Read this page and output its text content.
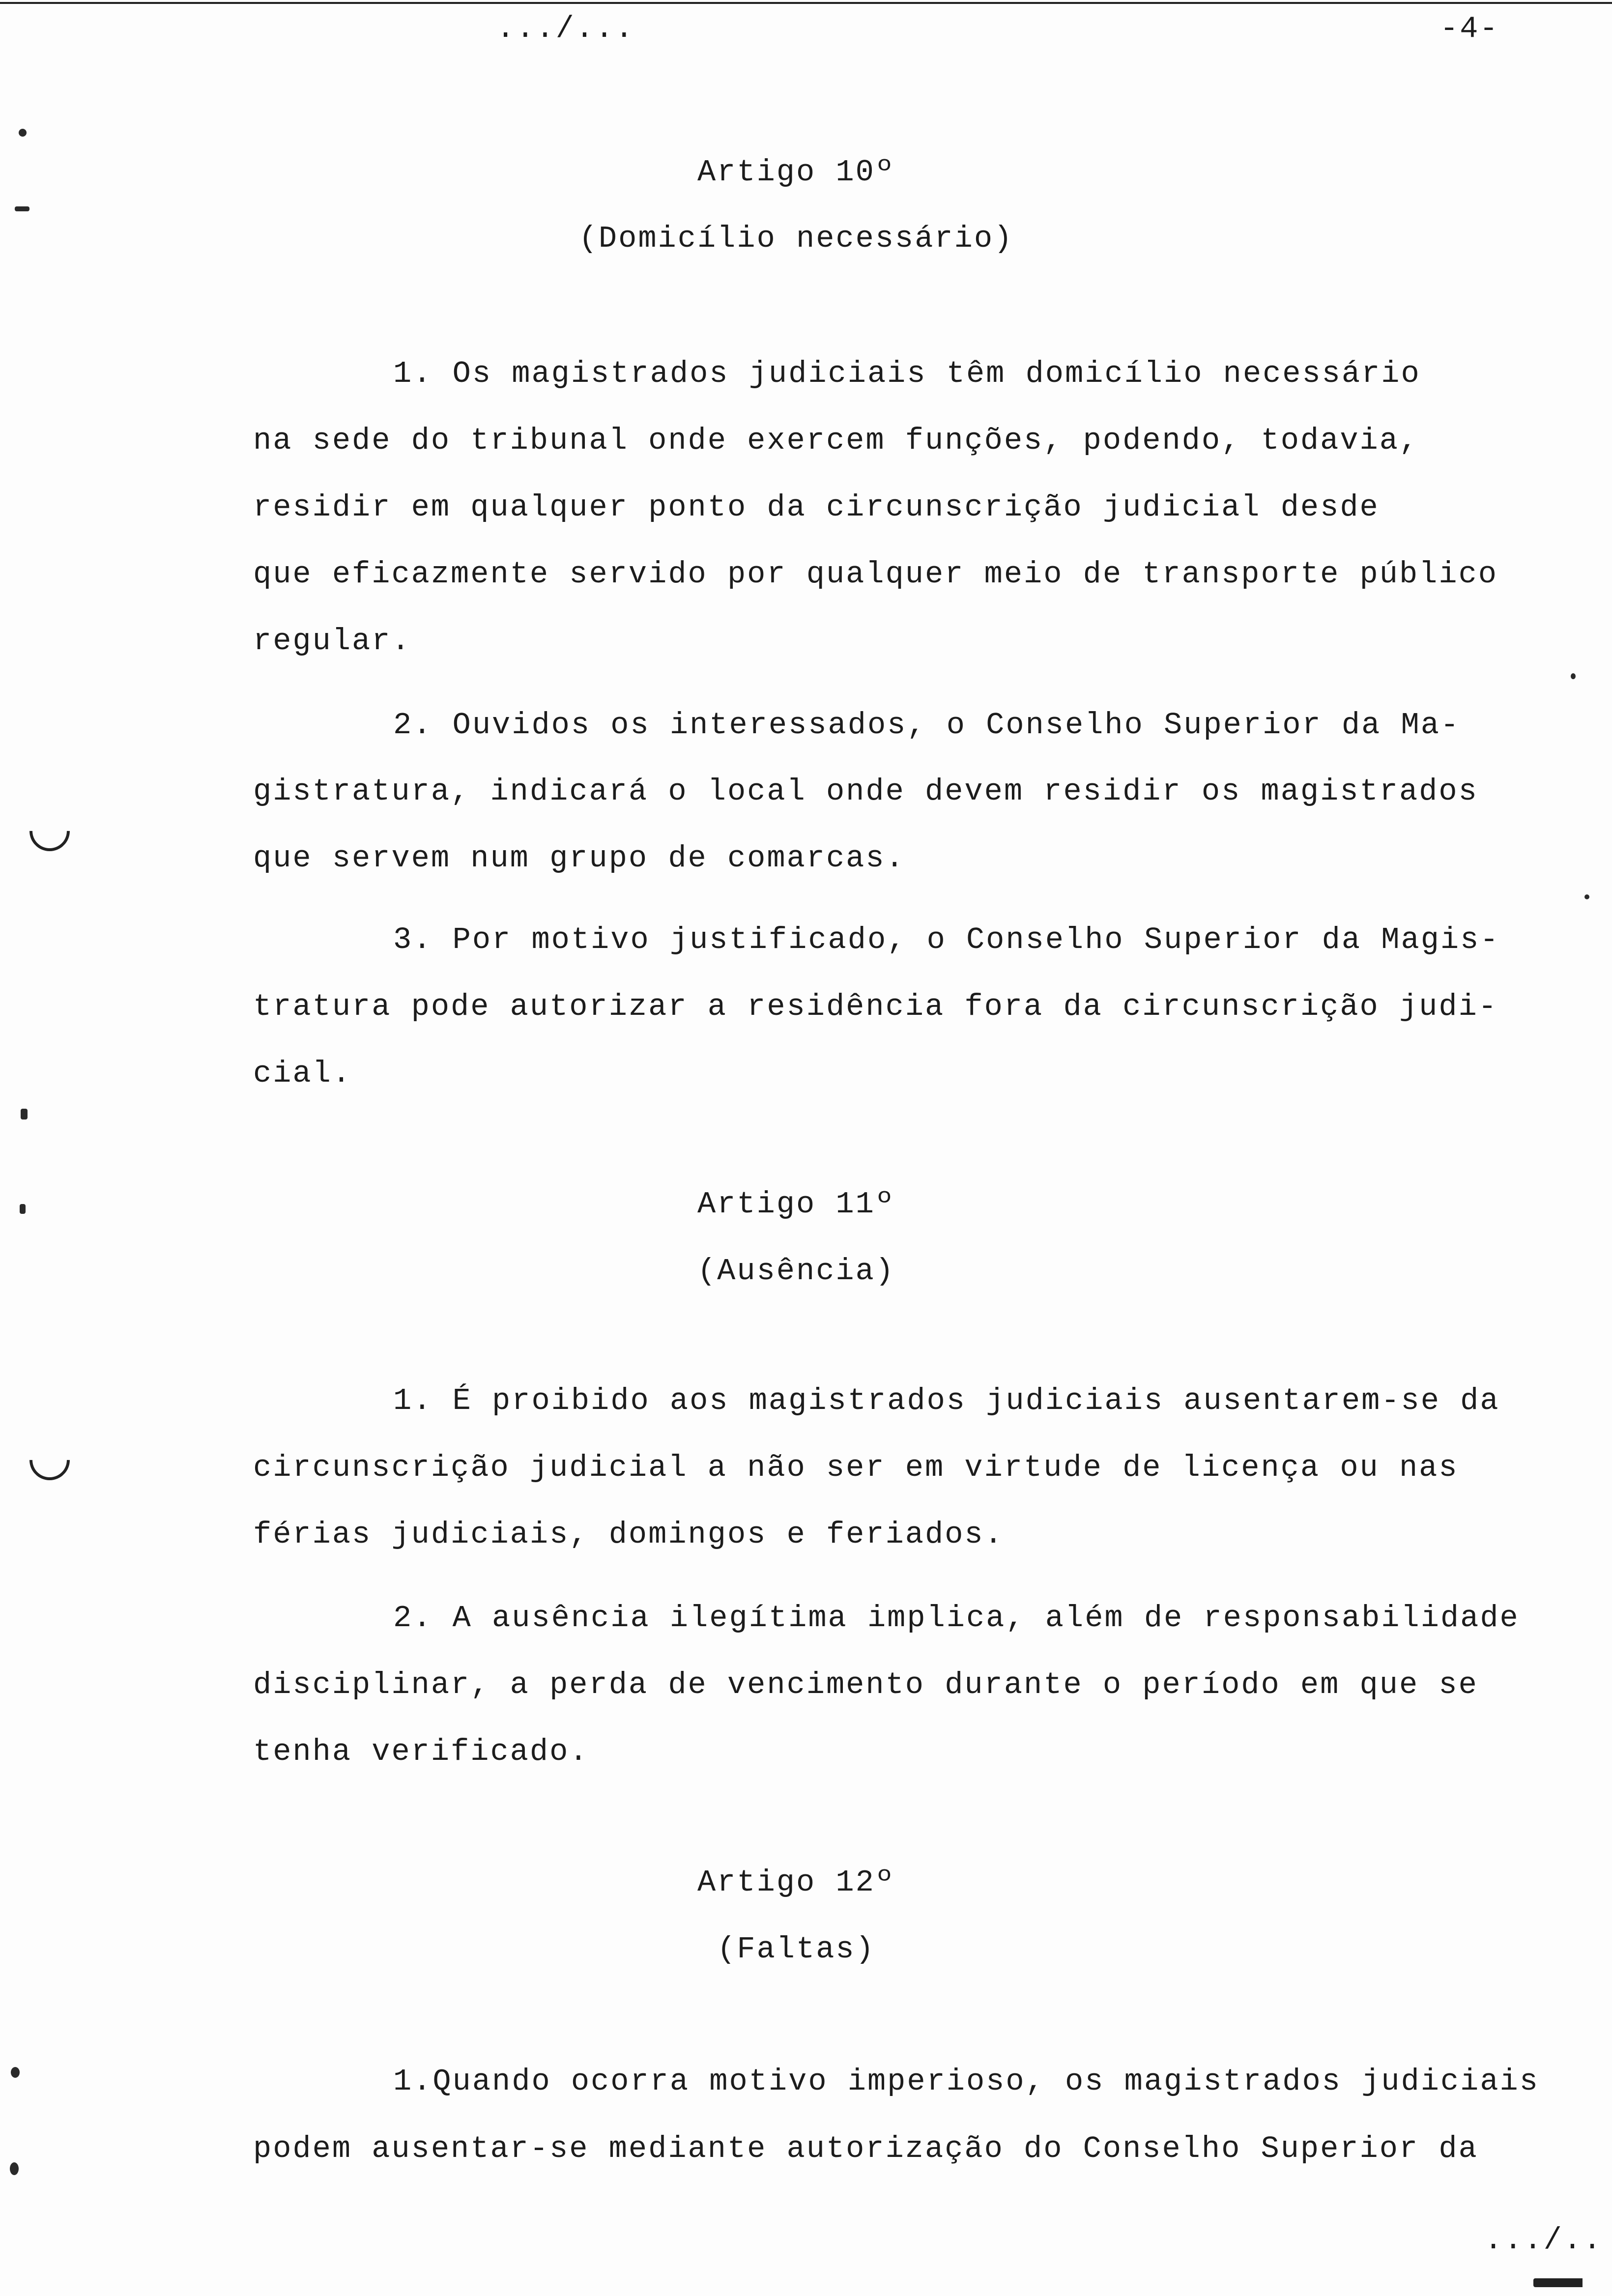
.../...	-4-
Artigo 10º
(Domicílio necessário)
1. Os magistrados judiciais têm domicílio necessário
na sede do tribunal onde exercem funções, podendo, todavia,
residir em qualquer ponto da circunscrição judicial desde
que eficazmente servido por qualquer meio de transporte público
regular.
2. Ouvidos os interessados, o Conselho Superior da Ma-
gistratura, indicará o local onde devem residir os magistrados
que servem num grupo de comarcas.
3. Por motivo justificado, o Conselho Superior da Magis-
tratura pode autorizar a residência fora da circunscrição judi-
cial.
Artigo 11º
(Ausência)
1. É proibido aos magistrados judiciais ausentarem-se da
circunscrição judicial a não ser em virtude de licença ou nas
férias judiciais, domingos e feriados.
2. A ausência ilegítima implica, além de responsabilidade
disciplinar, a perda de vencimento durante o período em que se
tenha verificado.
Artigo 12º
(Faltas)
1.Quando ocorra motivo imperioso, os magistrados judiciais
podem ausentar-se mediante autorização do Conselho Superior da
.../..
